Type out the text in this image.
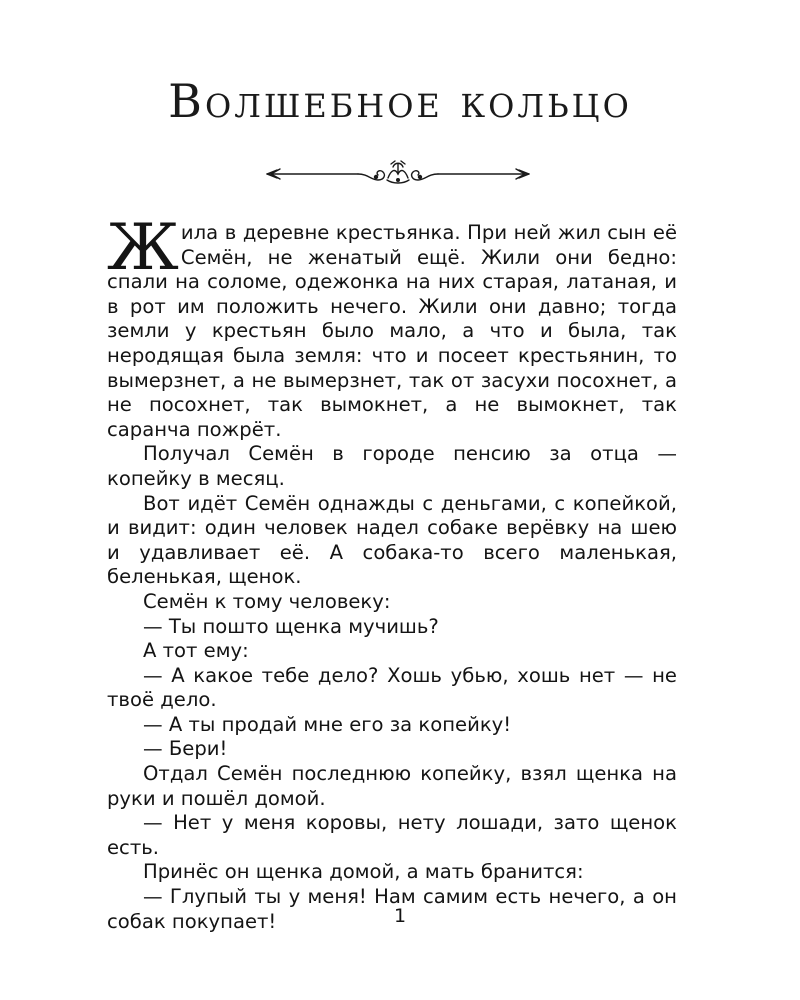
Волшебное кольцо

Жила в деревне крестьянка. При ней жил сын её Семён, не женатый ещё. Жили они бедно: спали на соломе, одежонка на них старая, латаная, и в рот им положить нечего. Жили они давно; тогда земли у крестьян было мало, а что и была, так неродящая была земля: что и посеет крестьянин, то вымерзнет, а не вымерзнет, так от засухи посохнет, а не посохнет, так вымокнет, а не вымокнет, так саранча пожрёт.

Получал Семён в городе пенсию за отца — копейку в месяц.

Вот идёт Семён однажды с деньгами, с копейкой, и видит: один человек надел собаке верёвку на шею и удавливает её. А собака-то всего маленькая, беленькая, щенок.

Семён к тому человеку:

— Ты пошто щенка мучишь?

А тот ему:

— А какое тебе дело? Хошь убью, хошь нет — не твоё дело.

— А ты продай мне его за копейку!

— Бери!

Отдал Семён последнюю копейку, взял щенка на руки и пошёл домой.

— Нет у меня коровы, нету лошади, зато щенок есть.

Принёс он щенка домой, а мать бранится:

— Глупый ты у меня! Нам самим есть нечего, а он собак покупает!	1
